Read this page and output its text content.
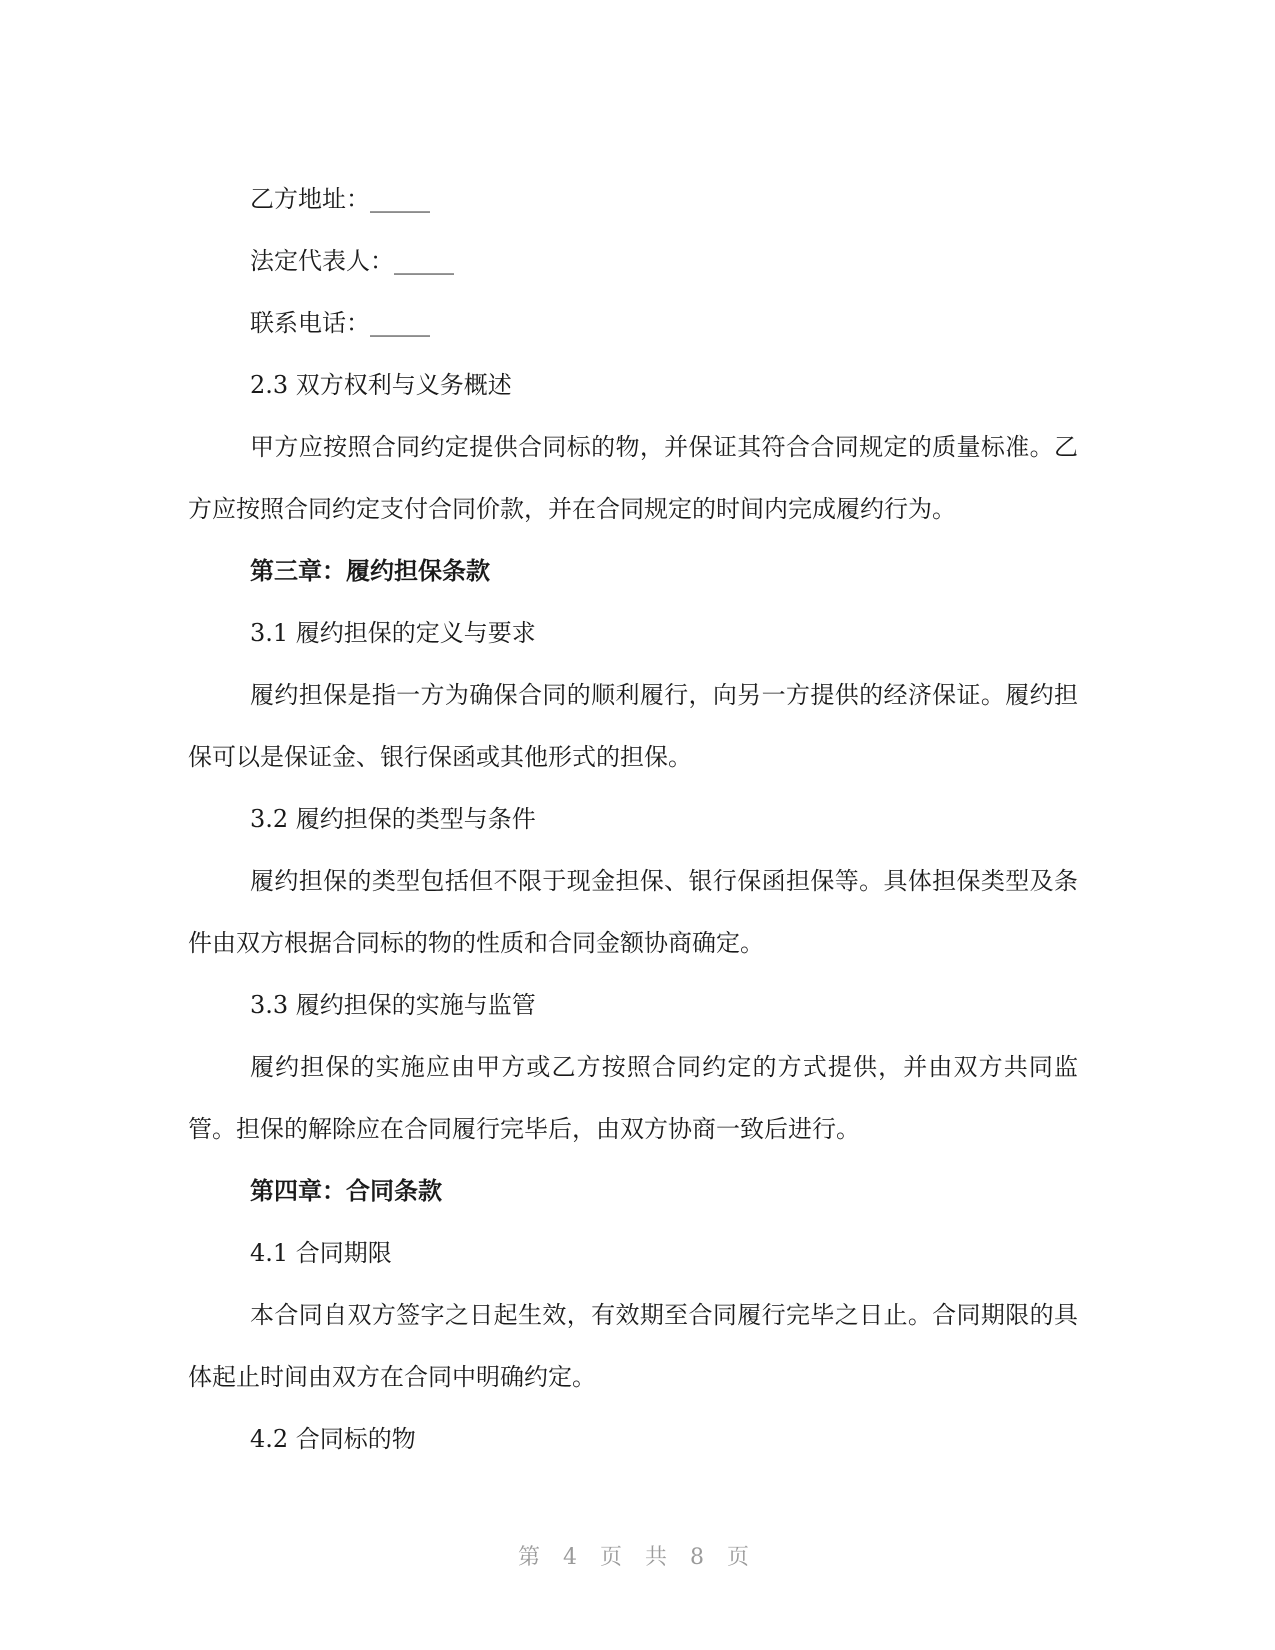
乙方地址：_____

法定代表人：_____

联系电话：_____

2.3 双方权利与义务概述

甲方应按照合同约定提供合同标的物，并保证其符合合同规定的质量标准。乙方应按照合同约定支付合同价款，并在合同规定的时间内完成履约行为。

第三章：履约担保条款

3.1 履约担保的定义与要求

履约担保是指一方为确保合同的顺利履行，向另一方提供的经济保证。履约担保可以是保证金、银行保函或其他形式的担保。

3.2 履约担保的类型与条件

履约担保的类型包括但不限于现金担保、银行保函担保等。具体担保类型及条件由双方根据合同标的物的性质和合同金额协商确定。

3.3 履约担保的实施与监管

履约担保的实施应由甲方或乙方按照合同约定的方式提供，并由双方共同监管。担保的解除应在合同履行完毕后，由双方协商一致后进行。

第四章：合同条款

4.1 合同期限

本合同自双方签字之日起生效，有效期至合同履行完毕之日止。合同期限的具体起止时间由双方在合同中明确约定。

4.2 合同标的物

第 4 页 共 8 页
